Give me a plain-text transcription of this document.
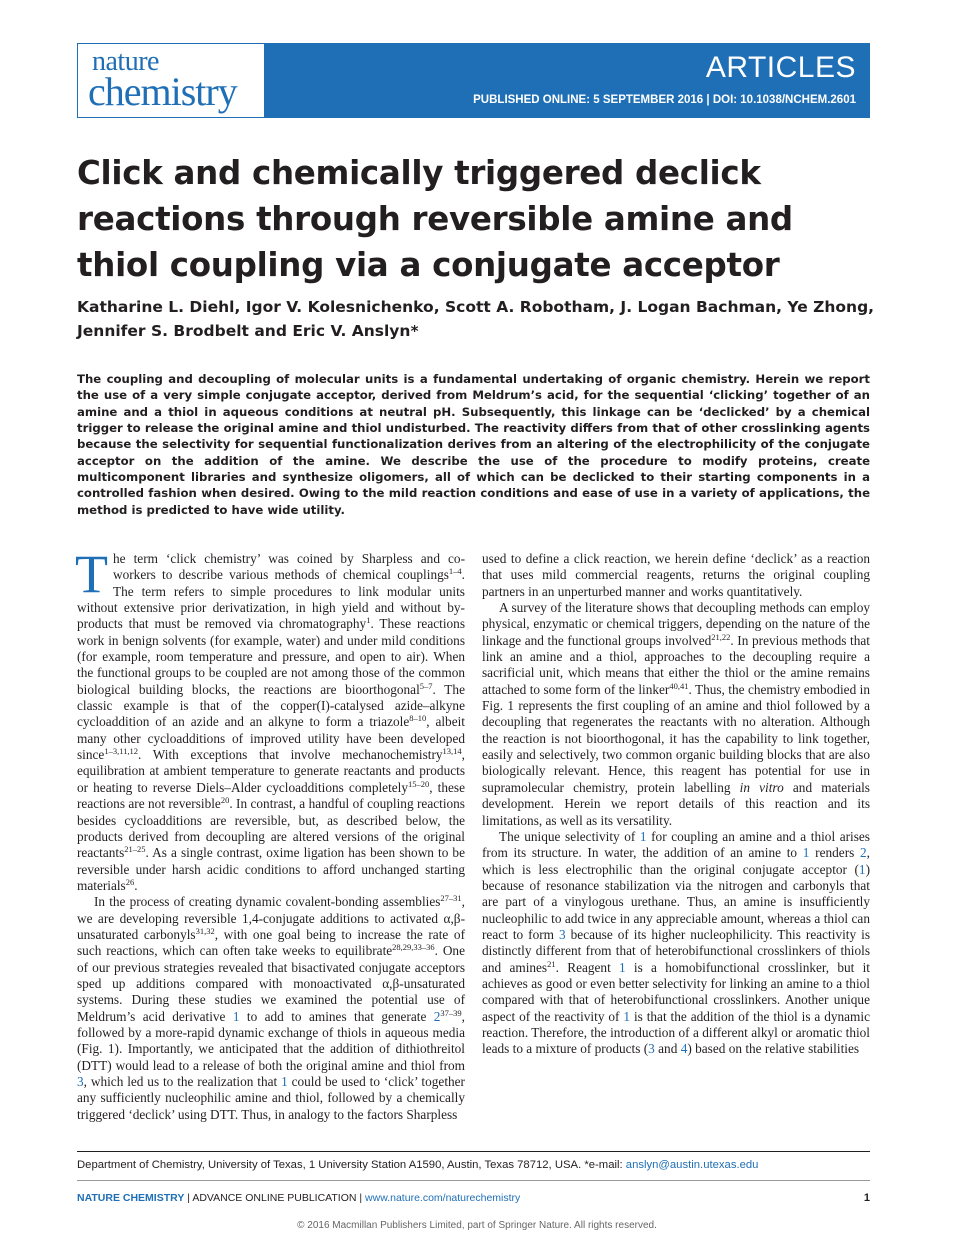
nature
chemistry
ARTICLES
PUBLISHED ONLINE: 5 SEPTEMBER 2016 | DOI: 10.1038/NCHEM.2601
Click and chemically triggered declick reactions through reversible amine and thiol coupling via a conjugate acceptor
Katharine L. Diehl, Igor V. Kolesnichenko, Scott A. Robotham, J. Logan Bachman, Ye Zhong, Jennifer S. Brodbelt and Eric V. Anslyn*
The coupling and decoupling of molecular units is a fundamental undertaking of organic chemistry. Herein we report the use of a very simple conjugate acceptor, derived from Meldrum’s acid, for the sequential ‘clicking’ together of an amine and a thiol in aqueous conditions at neutral pH. Subsequently, this linkage can be ‘declicked’ by a chemical trigger to release the original amine and thiol undisturbed. The reactivity differs from that of other crosslinking agents because the selectivity for sequential functionalization derives from an altering of the electrophilicity of the conjugate acceptor on the addition of the amine. We describe the use of the procedure to modify proteins, create multicomponent libraries and synthesize oligomers, all of which can be declicked to their starting components in a controlled fashion when desired. Owing to the mild reaction conditions and ease of use in a variety of applications, the method is predicted to have wide utility.

The term ‘click chemistry’ was coined by Sharpless and co-workers to describe various methods of chemical couplings$^{1-4}$. The term refers to simple procedures to link modular units without extensive prior derivatization, in high yield and without by-products that must be removed via chromatography$^1$. These reactions work in benign solvents (for example, water) and under mild conditions (for example, room temperature and pressure, and open to air). When the functional groups to be coupled are not among those of the common biological building blocks, the reactions are bioorthogonal$^{5-7}$. The classic example is that of the copper(I)-catalysed azide–alkyne cycloaddition of an azide and an alkyne to form a triazole$^{8-10}$, albeit many other cycloadditions of improved utility have been developed since$^{1-3,11,12}$. With exceptions that involve mechanochemistry$^{13,14}$, equilibration at ambient temperature to generate reactants and products or heating to reverse Diels–Alder cycloadditions completely$^{15-20}$, these reactions are not reversible$^{20}$. In contrast, a handful of coupling reactions besides cycloadditions are reversible, but, as described below, the products derived from decoupling are altered versions of the original reactants$^{21-25}$. As a single contrast, oxime ligation has been shown to be reversible under harsh acidic conditions to afford unchanged starting materials$^{26}$.

In the process of creating dynamic covalent-bonding assemblies$^{27-31}$, we are developing reversible 1,4-conjugate additions to activated α,β-unsaturated carbonyls$^{31,32}$, with one goal being to increase the rate of such reactions, which can often take weeks to equilibrate$^{28,29,33-36}$. One of our previous strategies revealed that bisactivated conjugate acceptors sped up additions compared with monoactivated α,β-unsaturated systems. During these studies we examined the potential use of Meldrum’s acid derivative 1 to add to amines that generate 2$^{37-39}$, followed by a more-rapid dynamic exchange of thiols in aqueous media (Fig. 1). Importantly, we anticipated that the addition of dithiothreitol (DTT) would lead to a release of both the original amine and thiol from 3, which led us to the realization that 1 could be used to ‘click’ together any sufficiently nucleophilic amine and thiol, followed by a chemically triggered ‘declick’ using DTT. Thus, in analogy to the factors Sharpless

used to define a click reaction, we herein define ‘declick’ as a reaction that uses mild commercial reagents, returns the original coupling partners in an unperturbed manner and works quantitatively.

A survey of the literature shows that decoupling methods can employ physical, enzymatic or chemical triggers, depending on the nature of the linkage and the functional groups involved$^{21,22}$. In previous methods that link an amine and a thiol, approaches to the decoupling require a sacrificial unit, which means that either the thiol or the amine remains attached to some form of the linker$^{40,41}$. Thus, the chemistry embodied in Fig. 1 represents the first coupling of an amine and thiol followed by a decoupling that regenerates the reactants with no alteration. Although the reaction is not bioorthogonal, it has the capability to link together, easily and selectively, two common organic building blocks that are also biologically relevant. Hence, this reagent has potential for use in supramolecular chemistry, protein labelling in vitro and materials development. Herein we report details of this reaction and its limitations, as well as its versatility.

The unique selectivity of 1 for coupling an amine and a thiol arises from its structure. In water, the addition of an amine to 1 renders 2, which is less electrophilic than the original conjugate acceptor (1) because of resonance stabilization via the nitrogen and carbonyls that are part of a vinylogous urethane. Thus, an amine is insufficiently nucleophilic to add twice in any appreciable amount, whereas a thiol can react to form 3 because of its higher nucleophilicity. This reactivity is distinctly different from that of heterobifunctional crosslinkers of thiols and amines$^{21}$. Reagent 1 is a homobifunctional crosslinker, but it achieves as good or even better selectivity for linking an amine to a thiol compared with that of heterobifunctional crosslinkers. Another unique aspect of the reactivity of 1 is that the addition of the thiol is a dynamic reaction. Therefore, the introduction of a different alkyl or aromatic thiol leads to a mixture of products (3 and 4) based on the relative stabilities

Department of Chemistry, University of Texas, 1 University Station A1590, Austin, Texas 78712, USA. *e-mail: anslyn@austin.utexas.edu
NATURE CHEMISTRY | ADVANCE ONLINE PUBLICATION | www.nature.com/naturechemistry	1
© 2016 Macmillan Publishers Limited, part of Springer Nature. All rights reserved.
